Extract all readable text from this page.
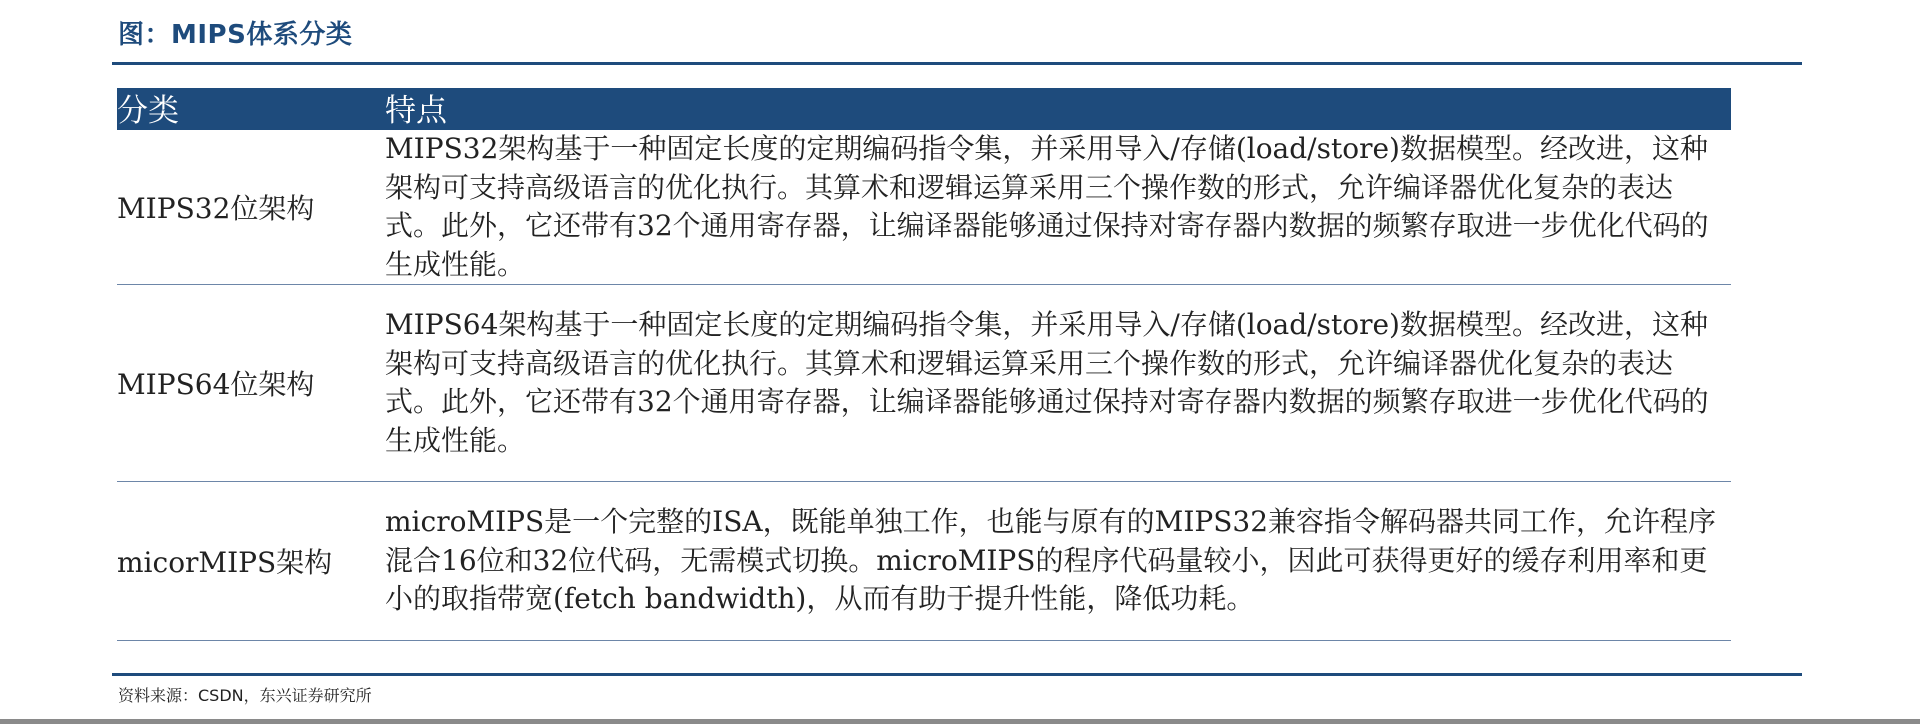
图：MIPS体系分类
分类	特点
MIPS32位架构	MIPS32架构基于一种固定长度的定期编码指令集，并采用导入/存储(load/store)数据模型。经改进，这种架构可支持高级语言的优化执行。其算术和逻辑运算采用三个操作数的形式，允许编译器优化复杂的表达式。此外，它还带有32个通用寄存器，让编译器能够通过保持对寄存器内数据的频繁存取进一步优化代码的生成性能。
MIPS64位架构	MIPS64架构基于一种固定长度的定期编码指令集，并采用导入/存储(load/store)数据模型。经改进，这种架构可支持高级语言的优化执行。其算术和逻辑运算采用三个操作数的形式，允许编译器优化复杂的表达式。此外，它还带有32个通用寄存器，让编译器能够通过保持对寄存器内数据的频繁存取进一步优化代码的生成性能。
micorMIPS架构	microMIPS是一个完整的ISA，既能单独工作，也能与原有的MIPS32兼容指令解码器共同工作，允许程序混合16位和32位代码，无需模式切换。microMIPS的程序代码量较小，因此可获得更好的缓存利用率和更小的取指带宽(fetch bandwidth)，从而有助于提升性能，降低功耗。
资料来源：CSDN，东兴证券研究所
